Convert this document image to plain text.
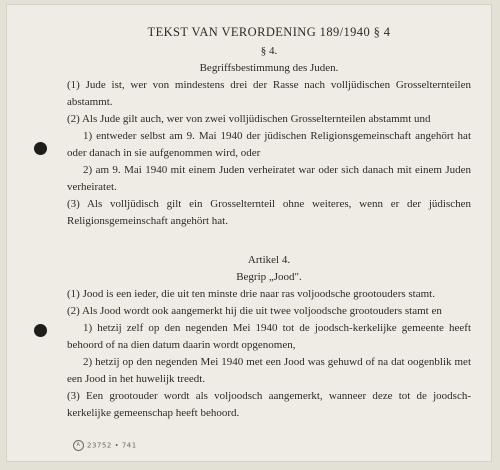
TEKST VAN VERORDENING 189/1940 § 4
§ 4.
Begriffsbestimmung des Juden.
(1) Jude ist, wer von mindestens drei der Rasse nach volljüdischen Grosselternteilen abstammt.
(2) Als Jude gilt auch, wer von zwei volljüdischen Grosselternteilen abstammt und
1) entweder selbst am 9. Mai 1940 der jüdischen Religionsgemeinschaft angehört hat oder danach in sie aufgenommen wird, oder
2) am 9. Mai 1940 mit einem Juden verheiratet war oder sich danach mit einem Juden verheiratet.
(3) Als volljüdisch gilt ein Grosselternteil ohne weiteres, wenn er der jüdischen Religionsgemeinschaft angehört hat.
Artikel 4.
Begrip „Jood".
(1) Jood is een ieder, die uit ten minste drie naar ras voljoodsche grootouders stamt.
(2) Als Jood wordt ook aangemerkt hij die uit twee voljoodsche grootouders stamt en
1) hetzij zelf op den negenden Mei 1940 tot de joodsch-kerkelijke gemeente heeft behoord of na dien datum daarin wordt opgenomen,
2) hetzij op den negenden Mei 1940 met een Jood was gehuwd of na dat oogenblik met een Jood in het huwelijk treedt.
(3) Een grootouder wordt als voljoodsch aangemerkt, wanneer deze tot de joodsch-kerkelijke gemeenschap heeft behoord.
A 23752 • 741
